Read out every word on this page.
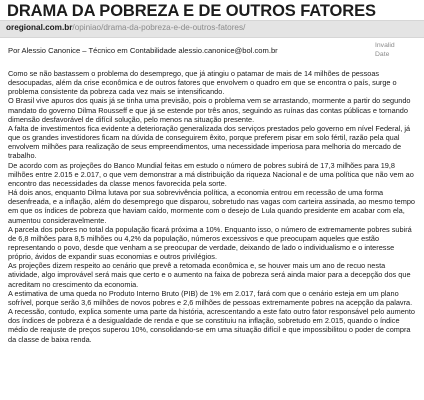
DRAMA DA POBREZA E DE OUTROS FATORES
oregional.com.br/opiniao/drama-da-pobreza-e-de-outros-fatores/
Por Alessio Canonice – Técnico em Contabilidade alessio.canonice@bol.com.br
Invalid
Date

Como se não bastassem o problema do desemprego, que já atingiu o patamar de mais de 14 milhões de pessoas desocupadas, além da crise econômica e de outros fatores que envolvem o quadro em que se encontra o país, surge o problema consistente da pobreza cada vez mais se intensificando.

O Brasil vive apuros dos quais já se tinha uma previsão, pois o problema vem se arrastando, mormente a partir do segundo mandato do governo Dilma Rousseff e que já se estende por três anos, seguindo as ruínas das contas públicas e tornando dimensão desfavorável de difícil solução, pelo menos na situação presente.

A falta de investimentos fica evidente a deterioração generalizada dos serviços prestados pelo governo em nível Federal, já que os grandes investidores ficam na dúvida de conseguirem êxito, porque preferem pisar em solo fértil, razão pela qual envolvem milhões para realização de seus empreendimentos, uma necessidade imperiosa para melhoria do mercado de trabalho.

De acordo com as projeções do Banco Mundial feitas em estudo o número de pobres subirá de 17,3 milhões para 19,8 milhões entre 2.015 e 2.017, o que vem demonstrar a má distribuição da riqueza Nacional e de uma política que não vem ao encontro das necessidades da classe menos favorecida pela sorte.

Há dois anos, enquanto Dilma lutava por sua sobrevivência política, a economia entrou em recessão de uma forma desenfreada, e a inflação, além do desemprego que disparou, sobretudo nas vagas com carteira assinada, ao mesmo tempo em que os índices de pobreza que haviam caído, mormente com o desejo de Lula quando presidente em acabar com ela, aumentou consideravelmente.

A parcela dos pobres no total da população ficará próxima a 10%. Enquanto isso, o número de extremamente pobres subirá de 6,8 milhões para 8,5 milhões ou 4,2% da população, números excessivos e que preocupam aqueles que estão representando o povo, desde que venham a se preocupar de verdade, deixando de lado o individualismo e o interesse próprio, ávidos de expandir suas economias e outros privilégios.

As projeções dizem respeito ao cenário que prevê a retomada econômica e, se houver mais um ano de recuo nesta atividade, algo improvável será mais que certo e o aumento na faixa de pobreza será ainda maior para a decepção dos que acreditam no crescimento da economia.

A estimativa de uma queda no Produto Interno Bruto (PIB) de 1% em 2.017, fará com que o cenário esteja em um plano sofrível, porque serão 3,6 milhões de novos pobres e 2,6 milhões de pessoas extremamente pobres na acepção da palavra.

A recessão, contudo, explica somente uma parte da história, acrescentando a este fato outro fator responsável pelo aumento dos índices de pobreza é a desigualdade de renda e que se constituiu na inflação, sobretudo em 2.015, quando o índice médio de reajuste de preços superou 10%, consolidando-se em uma situação difícil e que impossibilitou o poder de compra da classe de baixa renda.
